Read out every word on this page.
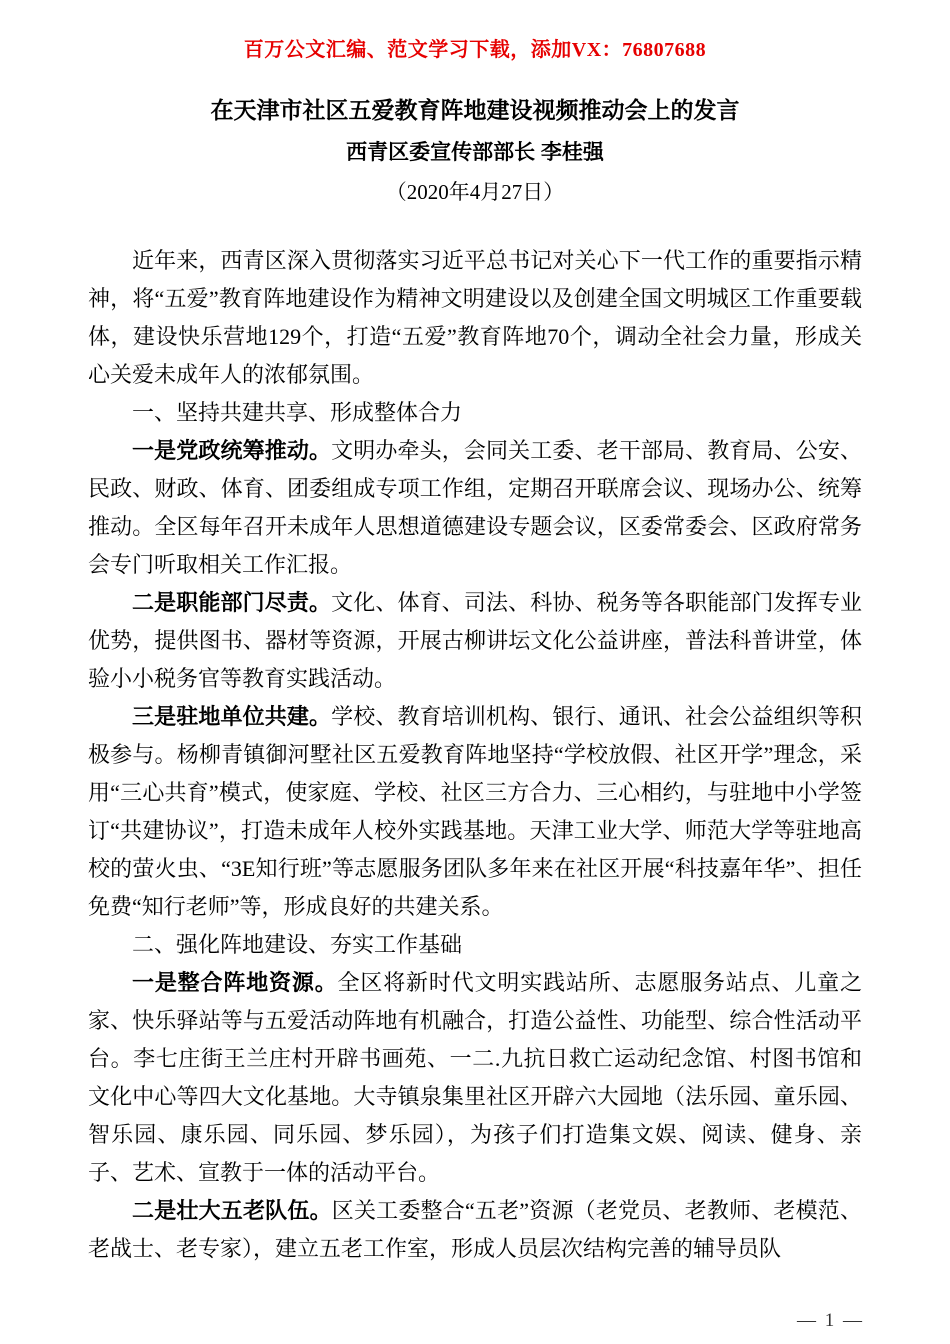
百万公文汇编、范文学习下载，添加VX：76807688
在天津市社区五爱教育阵地建设视频推动会上的发言
西青区委宣传部部长 李桂强
（2020年4月27日）

近年来，西青区深入贯彻落实习近平总书记对关心下一代工作的重要指示精神，将“五爱”教育阵地建设作为精神文明建设以及创建全国文明城区工作重要载体，建设快乐营地129个，打造“五爱”教育阵地70个，调动全社会力量，形成关心关爱未成年人的浓郁氛围。

一、坚持共建共享、形成整体合力

一是党政统筹推动。文明办牵头，会同关工委、老干部局、教育局、公安、民政、财政、体育、团委组成专项工作组，定期召开联席会议、现场办公、统筹推动。全区每年召开未成年人思想道德建设专题会议，区委常委会、区政府常务会专门听取相关工作汇报。

二是职能部门尽责。文化、体育、司法、科协、税务等各职能部门发挥专业优势，提供图书、器材等资源，开展古柳讲坛文化公益讲座，普法科普讲堂，体验小小税务官等教育实践活动。

三是驻地单位共建。学校、教育培训机构、银行、通讯、社会公益组织等积极参与。杨柳青镇御河墅社区五爱教育阵地坚持“学校放假、社区开学”理念，采用“三心共育”模式，使家庭、学校、社区三方合力、三心相约，与驻地中小学签订“共建协议”，打造未成年人校外实践基地。天津工业大学、师范大学等驻地高校的萤火虫、“3E知行班”等志愿服务团队多年来在社区开展“科技嘉年华”、担任免费“知行老师”等，形成良好的共建关系。

二、强化阵地建设、夯实工作基础

一是整合阵地资源。全区将新时代文明实践站所、志愿服务站点、儿童之家、快乐驿站等与五爱活动阵地有机融合，打造公益性、功能型、综合性活动平台。李七庄街王兰庄村开辟书画苑、一二.九抗日救亡运动纪念馆、村图书馆和文化中心等四大文化基地。大寺镇泉集里社区开辟六大园地（法乐园、童乐园、智乐园、康乐园、同乐园、梦乐园），为孩子们打造集文娱、阅读、健身、亲子、艺术、宣教于一体的活动平台。

二是壮大五老队伍。区关工委整合“五老”资源（老党员、老教师、老模范、老战士、老专家），建立五老工作室，形成人员层次结构完善的辅导员队

— 1 —
